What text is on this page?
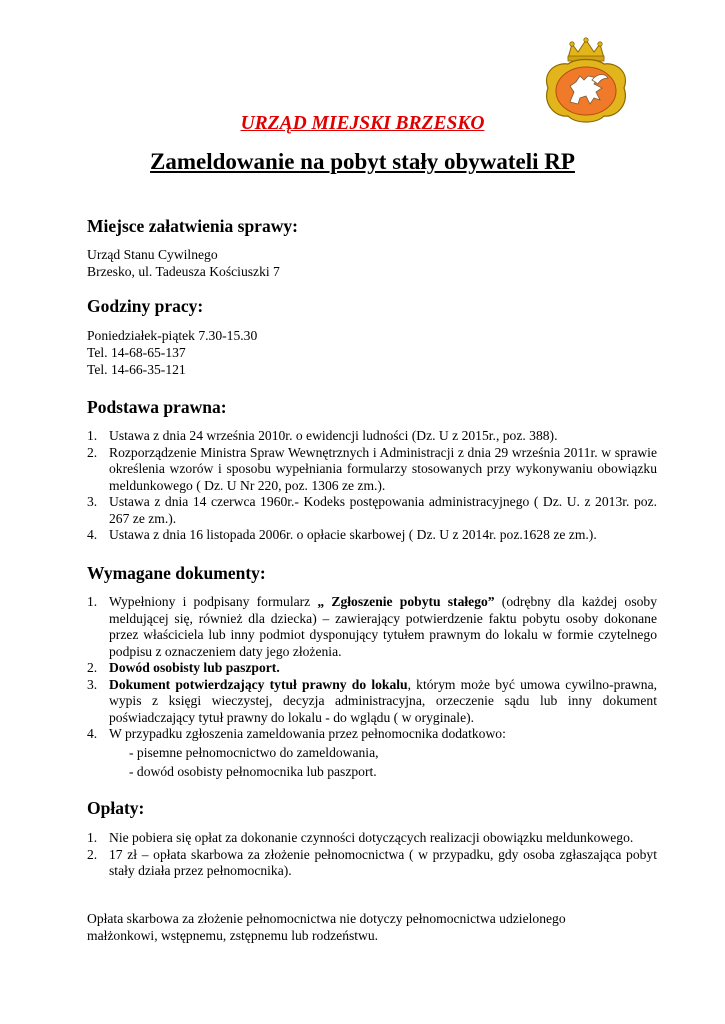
URZĄD MIEJSKI BRZESKO
Zameldowanie na pobyt stały obywateli RP
Miejsce załatwienia sprawy:

Urząd Stanu Cywilnego

Brzesko, ul. Tadeusza Kościuszki 7

Godziny pracy:

Poniedziałek-piątek 7.30-15.30

Tel. 14-68-65-137

Tel. 14-66-35-121

Podstawa prawna:
1. Ustawa z dnia 24 września 2010r. o ewidencji ludności (Dz. U z 2015r., poz. 388).
2. Rozporządzenie Ministra Spraw Wewnętrznych i Administracji z dnia 29 września 2011r. w sprawie określenia wzorów i sposobu wypełniania formularzy stosowanych przy wykonywaniu obowiązku meldunkowego ( Dz. U Nr 220, poz. 1306 ze zm.).
3. Ustawa z dnia 14 czerwca 1960r.- Kodeks postępowania administracyjnego ( Dz. U. z 2013r. poz. 267 ze zm.).
4. Ustawa z dnia 16 listopada 2006r. o opłacie skarbowej ( Dz. U z 2014r. poz.1628 ze zm.).
Wymagane dokumenty:
1. Wypełniony i podpisany formularz „ Zgłoszenie pobytu stałego” (odrębny dla każdej osoby meldującej się, również dla dziecka) – zawierający potwierdzenie faktu pobytu osoby dokonane przez właściciela lub inny podmiot dysponujący tytułem prawnym do lokalu w formie czytelnego podpisu z oznaczeniem daty jego złożenia.
2. Dowód osobisty lub paszport.
3. Dokument potwierdzający tytuł prawny do lokalu, którym może być umowa cywilno-prawna, wypis z księgi wieczystej, decyzja administracyjna, orzeczenie sądu lub inny dokument poświadczający tytuł prawny do lokalu - do wglądu ( w oryginale).
4. W przypadku zgłoszenia zameldowania przez pełnomocnika dodatkowo:
- pisemne pełnomocnictwo do zameldowania,
- dowód osobisty pełnomocnika lub paszport.
Opłaty:
1. Nie pobiera się opłat za dokonanie czynności dotyczących realizacji obowiązku meldunkowego.
2. 17 zł – opłata skarbowa za złożenie pełnomocnictwa ( w przypadku, gdy osoba zgłaszająca pobyt stały działa przez pełnomocnika).

Opłata skarbowa za złożenie pełnomocnictwa nie dotyczy pełnomocnictwa udzielonego małżonkowi, wstępnemu, zstępnemu lub rodzeństwu.
